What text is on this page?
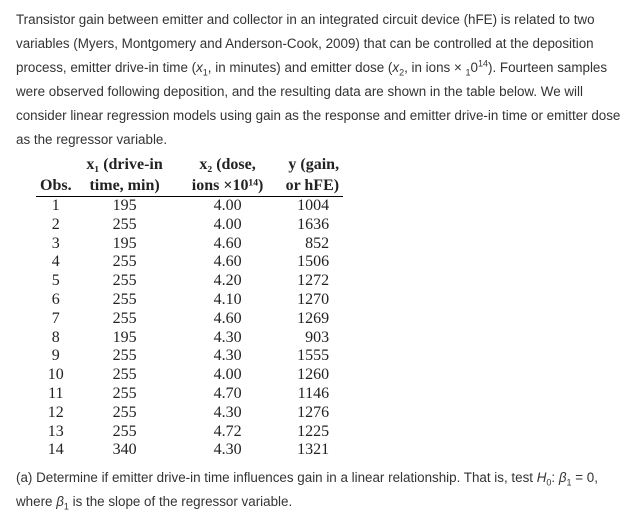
Transistor gain between emitter and collector in an integrated circuit device (hFE) is related to two variables (Myers, Montgomery and Anderson-Cook, 2009) that can be controlled at the deposition process, emitter drive-in time ($x_1$, in minutes) and emitter dose ($x_2$, in ions × $_10^{14}$). Fourteen samples were observed following deposition, and the resulting data are shown in the table below. We will consider linear regression models using gain as the response and emitter drive-in time or emitter dose as the regressor variable.

	x₁ (drive-in	x₂ (dose,	y (gain,
Obs.	time, min)	ions ×10¹⁴)	or hFE)
1	195	4.00	1004
2	255	4.00	1636
3	195	4.60	852
4	255	4.60	1506
5	255	4.20	1272
6	255	4.10	1270
7	255	4.60	1269
8	195	4.30	903
9	255	4.30	1555
10	255	4.00	1260
11	255	4.70	1146
12	255	4.30	1276
13	255	4.72	1225
14	340	4.30	1321

(a) Determine if emitter drive-in time influences gain in a linear relationship. That is, test $H_0$: $\beta_1 = 0$, where $\beta_1$ is the slope of the regressor variable.
